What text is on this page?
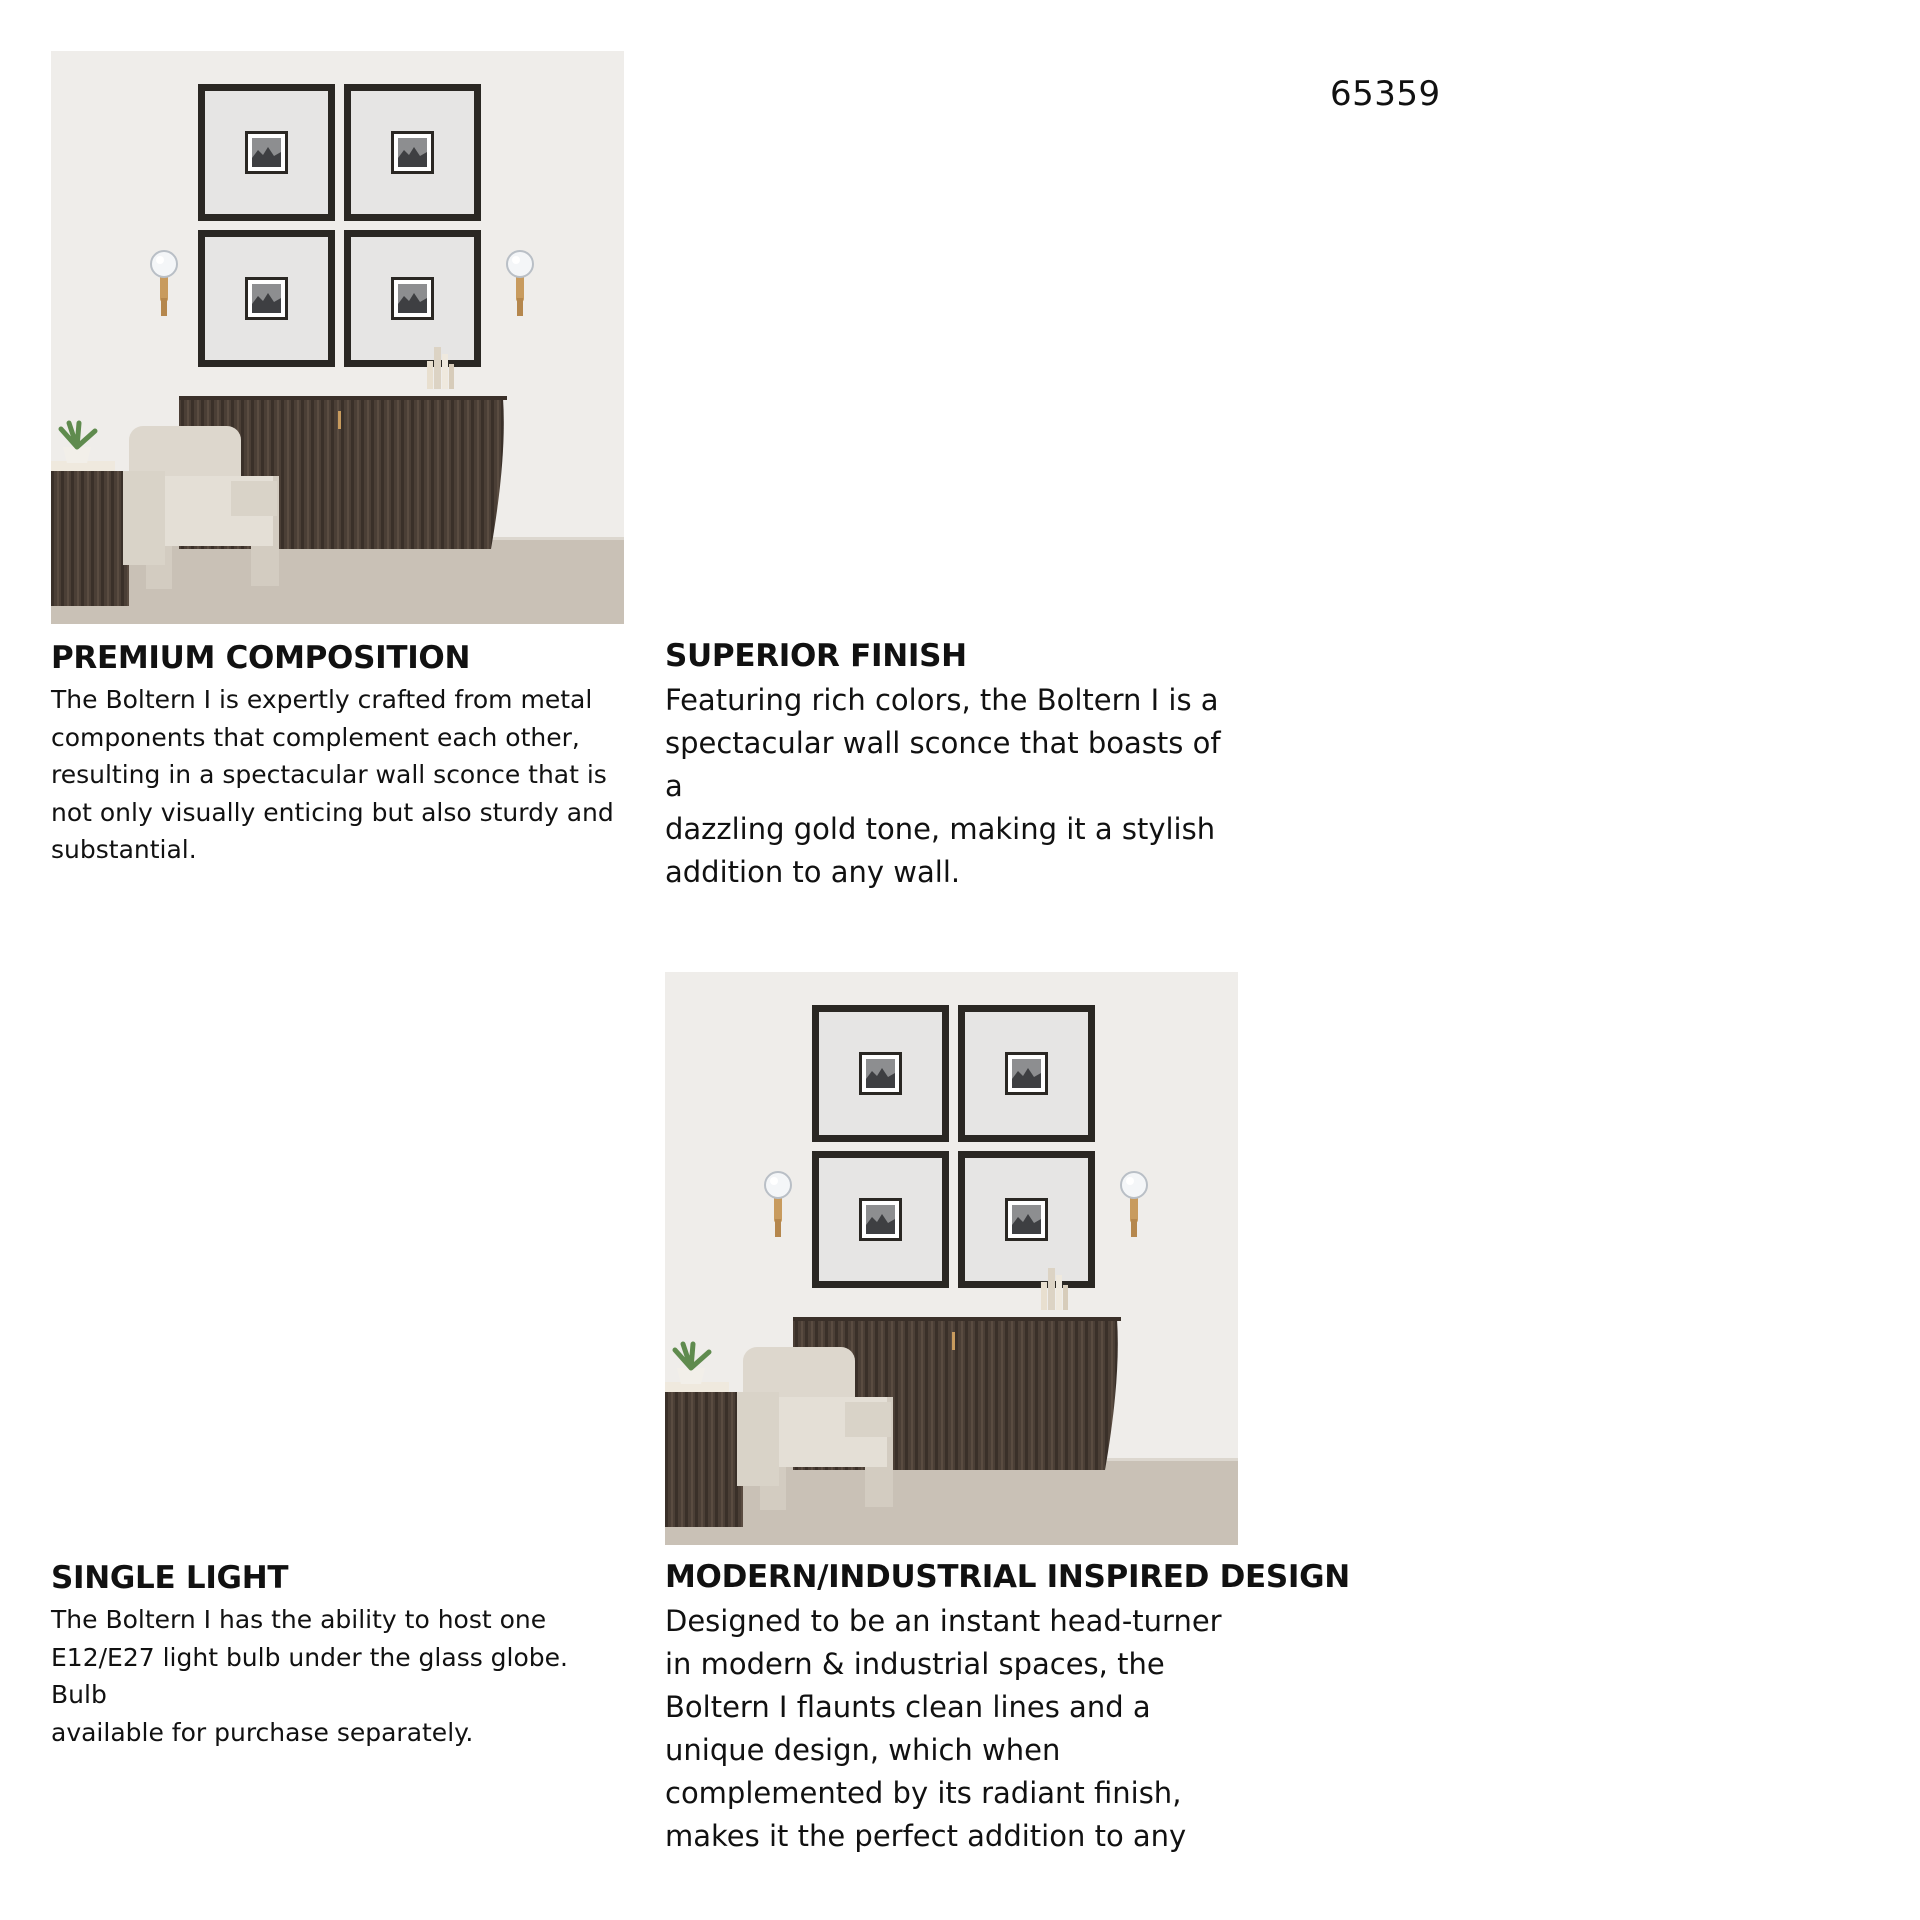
65359
PREMIUM COMPOSITION
The Boltern I is expertly crafted from metal
components that complement each other,
resulting in a spectacular wall sconce that is
not only visually enticing but also sturdy and
substantial.
SUPERIOR FINISH
Featuring rich colors, the Boltern I is a
spectacular wall sconce that boasts of a
dazzling gold tone, making it a stylish
addition to any wall.
SINGLE LIGHT
The Boltern I has the ability to host one
E12/E27 light bulb under the glass globe. Bulb
available for purchase separately.
MODERN/INDUSTRIAL INSPIRED DESIGN
Designed to be an instant head-turner
in modern & industrial spaces, the
Boltern I flaunts clean lines and a
unique design, which when
complemented by its radiant finish,
makes it the perfect addition to any
